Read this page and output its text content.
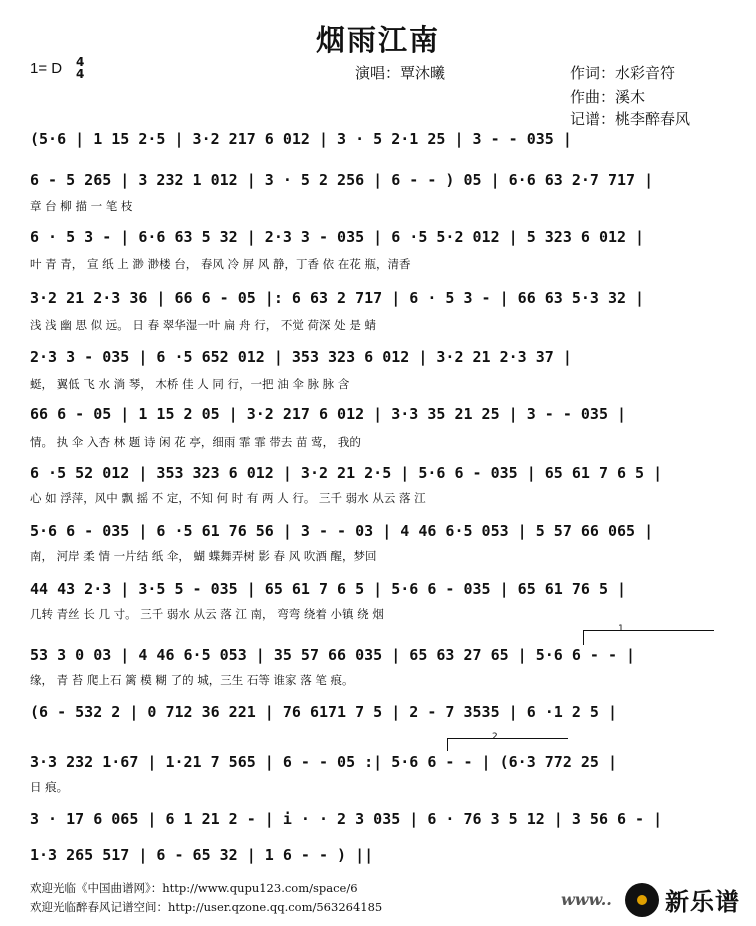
烟雨江南
1= D 4
4	演唱：覃沐曦	作词：水彩音符
作曲：溪木
记谱：桃李醉春风
(5·6 | 1 15 2·5 | 3·2 217 6 012 | 3 · 5 2·1 25 | 3 - - 035 |
6 - 5 265 | 3 232 1 012 | 3 · 5 2 256 | 6 - - ) 05 | 6·6 63 2·7 717 |
章 台 柳 描 一 笔 枝
6 · 5 3 - | 6·6 63 5 32 | 2·3 3 - 035 | 6 ·5 5·2 012 | 5 323 6 012 |
叶 青 青， 宣 纸 上 渺 渺楼 台， 春风 冷 屏 风 静，丁香 依 在花 瓶，清香
3·2 21 2·3 36 | 66 6 - 05 |: 6 63 2 717 | 6 · 5 3 - | 66 63 5·3 32 |
浅 浅 幽 思 似 远。 日 春 翠华湿一叶 扁 舟 行， 不觉 荷深 处 是 蜻
2·3 3 - 035 | 6 ·5 652 012 | 353 323 6 012 | 3·2 21 2·3 37 |
蜓， 翼低 飞 水 淌 琴， 木桥 佳 人 同 行，一把 油 伞 脉 脉 含
66 6 - 05 | 1 15 2 05 | 3·2 217 6 012 | 3·3 35 21 25 | 3 - - 035 |
情。 执 伞 入杏 林 题 诗 闲 花 亭，细雨 霏 霏 带去 苗 莺， 我的
6 ·5 52 012 | 353 323 6 012 | 3·2 21 2·5 | 5·6 6 - 035 | 65 61 7 6 5 |
心 如 浮萍，风中 飘 摇 不 定，不知 何 时 有 两 人 行。 三千 弱水 从云 落 江
5·6 6 - 035 | 6 ·5 61 76 56 | 3 - - 03 | 4 46 6·5 053 | 5 57 66 065 |
南， 河岸 柔 情 一片结 纸 伞， 蝴 蝶舞弄树 影 春 风 吹酒 醒，梦回
44 43 2·3 | 3·5 5 - 035 | 65 61 7 6 5 | 5·6 6 - 035 | 65 61 76 5 |
几转 青丝 长 几 寸。 三千 弱水 从云 落 江 南， 弯弯 绕着 小镇 绕 烟
1
53 3 0 03 | 4 46 6·5 053 | 35 57 66 035 | 65 63 27 65 | 5·6 6 - - |
缘， 青 苔 爬上石 篱 模 糊 了的 城，三生 石等 谁家 落 笔 痕。
(6 - 532 2 | 0 712 36 221 | 76 6171 7 5 | 2 - 7 3535 | 6 ·1 2 5 |
2
3·3 232 1·67 | 1·21 7 565 | 6 - - 05 :| 5·6 6 - - | (6·3 772 25 |
日 痕。
3 · 17 6 065 | 6 1 21 2 - | i · · 2 3 035 | 6 · 76 3 5 12 | 3 56 6 - |
1·3 265 517 | 6 - 65 32 | 1 6 - - ) ||
欢迎光临《中国曲谱网》：http://www.qupu123.com/space/6
欢迎光临醉春风记谱空间：http://user.qzone.qq.com/563264185	www.. 新乐谱
